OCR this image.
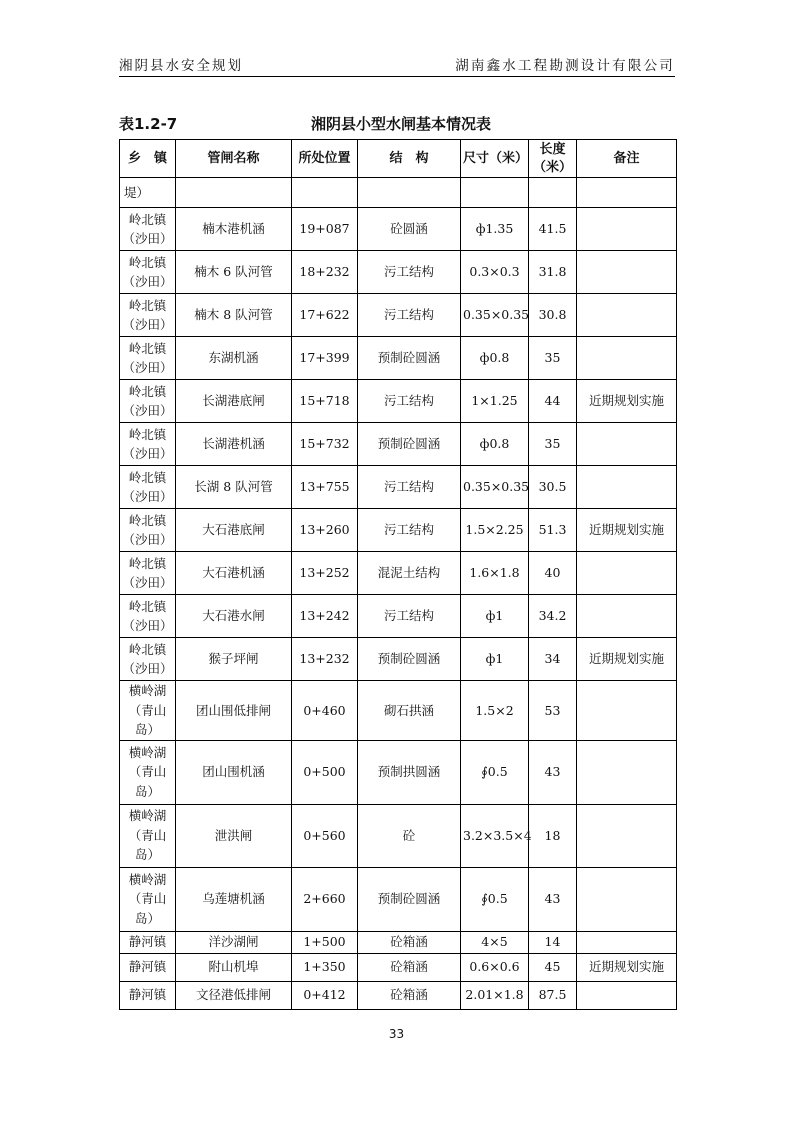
湘阴县水安全规划	湖南鑫水工程勘测设计有限公司
表1.2-7	湘阴县小型水闸基本情况表
乡　镇	管闸名称	所处位置	结　构	尺寸（米）	长度（米）	备注
堤）						
岭北镇（沙田）	楠木港机涵	19+087	砼圆涵	ф1.35	41.5	
岭北镇（沙田）	楠木 6 队河管	18+232	污工结构	0.3×0.3	31.8	
岭北镇（沙田）	楠木 8 队河管	17+622	污工结构	0.35×0.35	30.8	
岭北镇（沙田）	东湖机涵	17+399	预制砼圆涵	ф0.8	35	
岭北镇（沙田）	长湖港底闸	15+718	污工结构	1×1.25	44	近期规划实施
岭北镇（沙田）	长湖港机涵	15+732	预制砼圆涵	ф0.8	35	
岭北镇（沙田）	长湖 8 队河管	13+755	污工结构	0.35×0.35	30.5	
岭北镇（沙田）	大石港底闸	13+260	污工结构	1.5×2.25	51.3	近期规划实施
岭北镇（沙田）	大石港机涵	13+252	混泥土结构	1.6×1.8	40	
岭北镇（沙田）	大石港水闸	13+242	污工结构	ф1	34.2	
岭北镇（沙田）	猴子坪闸	13+232	预制砼圆涵	ф1	34	近期规划实施
横岭湖（青山岛）	团山围低排闸	0+460	砌石拱涵	1.5×2	53	
横岭湖（青山岛）	团山围机涵	0+500	预制拱圆涵	∮0.5	43	
横岭湖（青山岛）	泄洪闸	0+560	砼	3.2×3.5×4	18	
横岭湖（青山岛）	乌莲塘机涵	2+660	预制砼圆涵	∮0.5	43	
静河镇	洋沙湖闸	1+500	砼箱涵	4×5	14	
静河镇	附山机埠	1+350	砼箱涵	0.6×0.6	45	近期规划实施
静河镇	文径港低排闸	0+412	砼箱涵	2.01×1.8	87.5	
33
